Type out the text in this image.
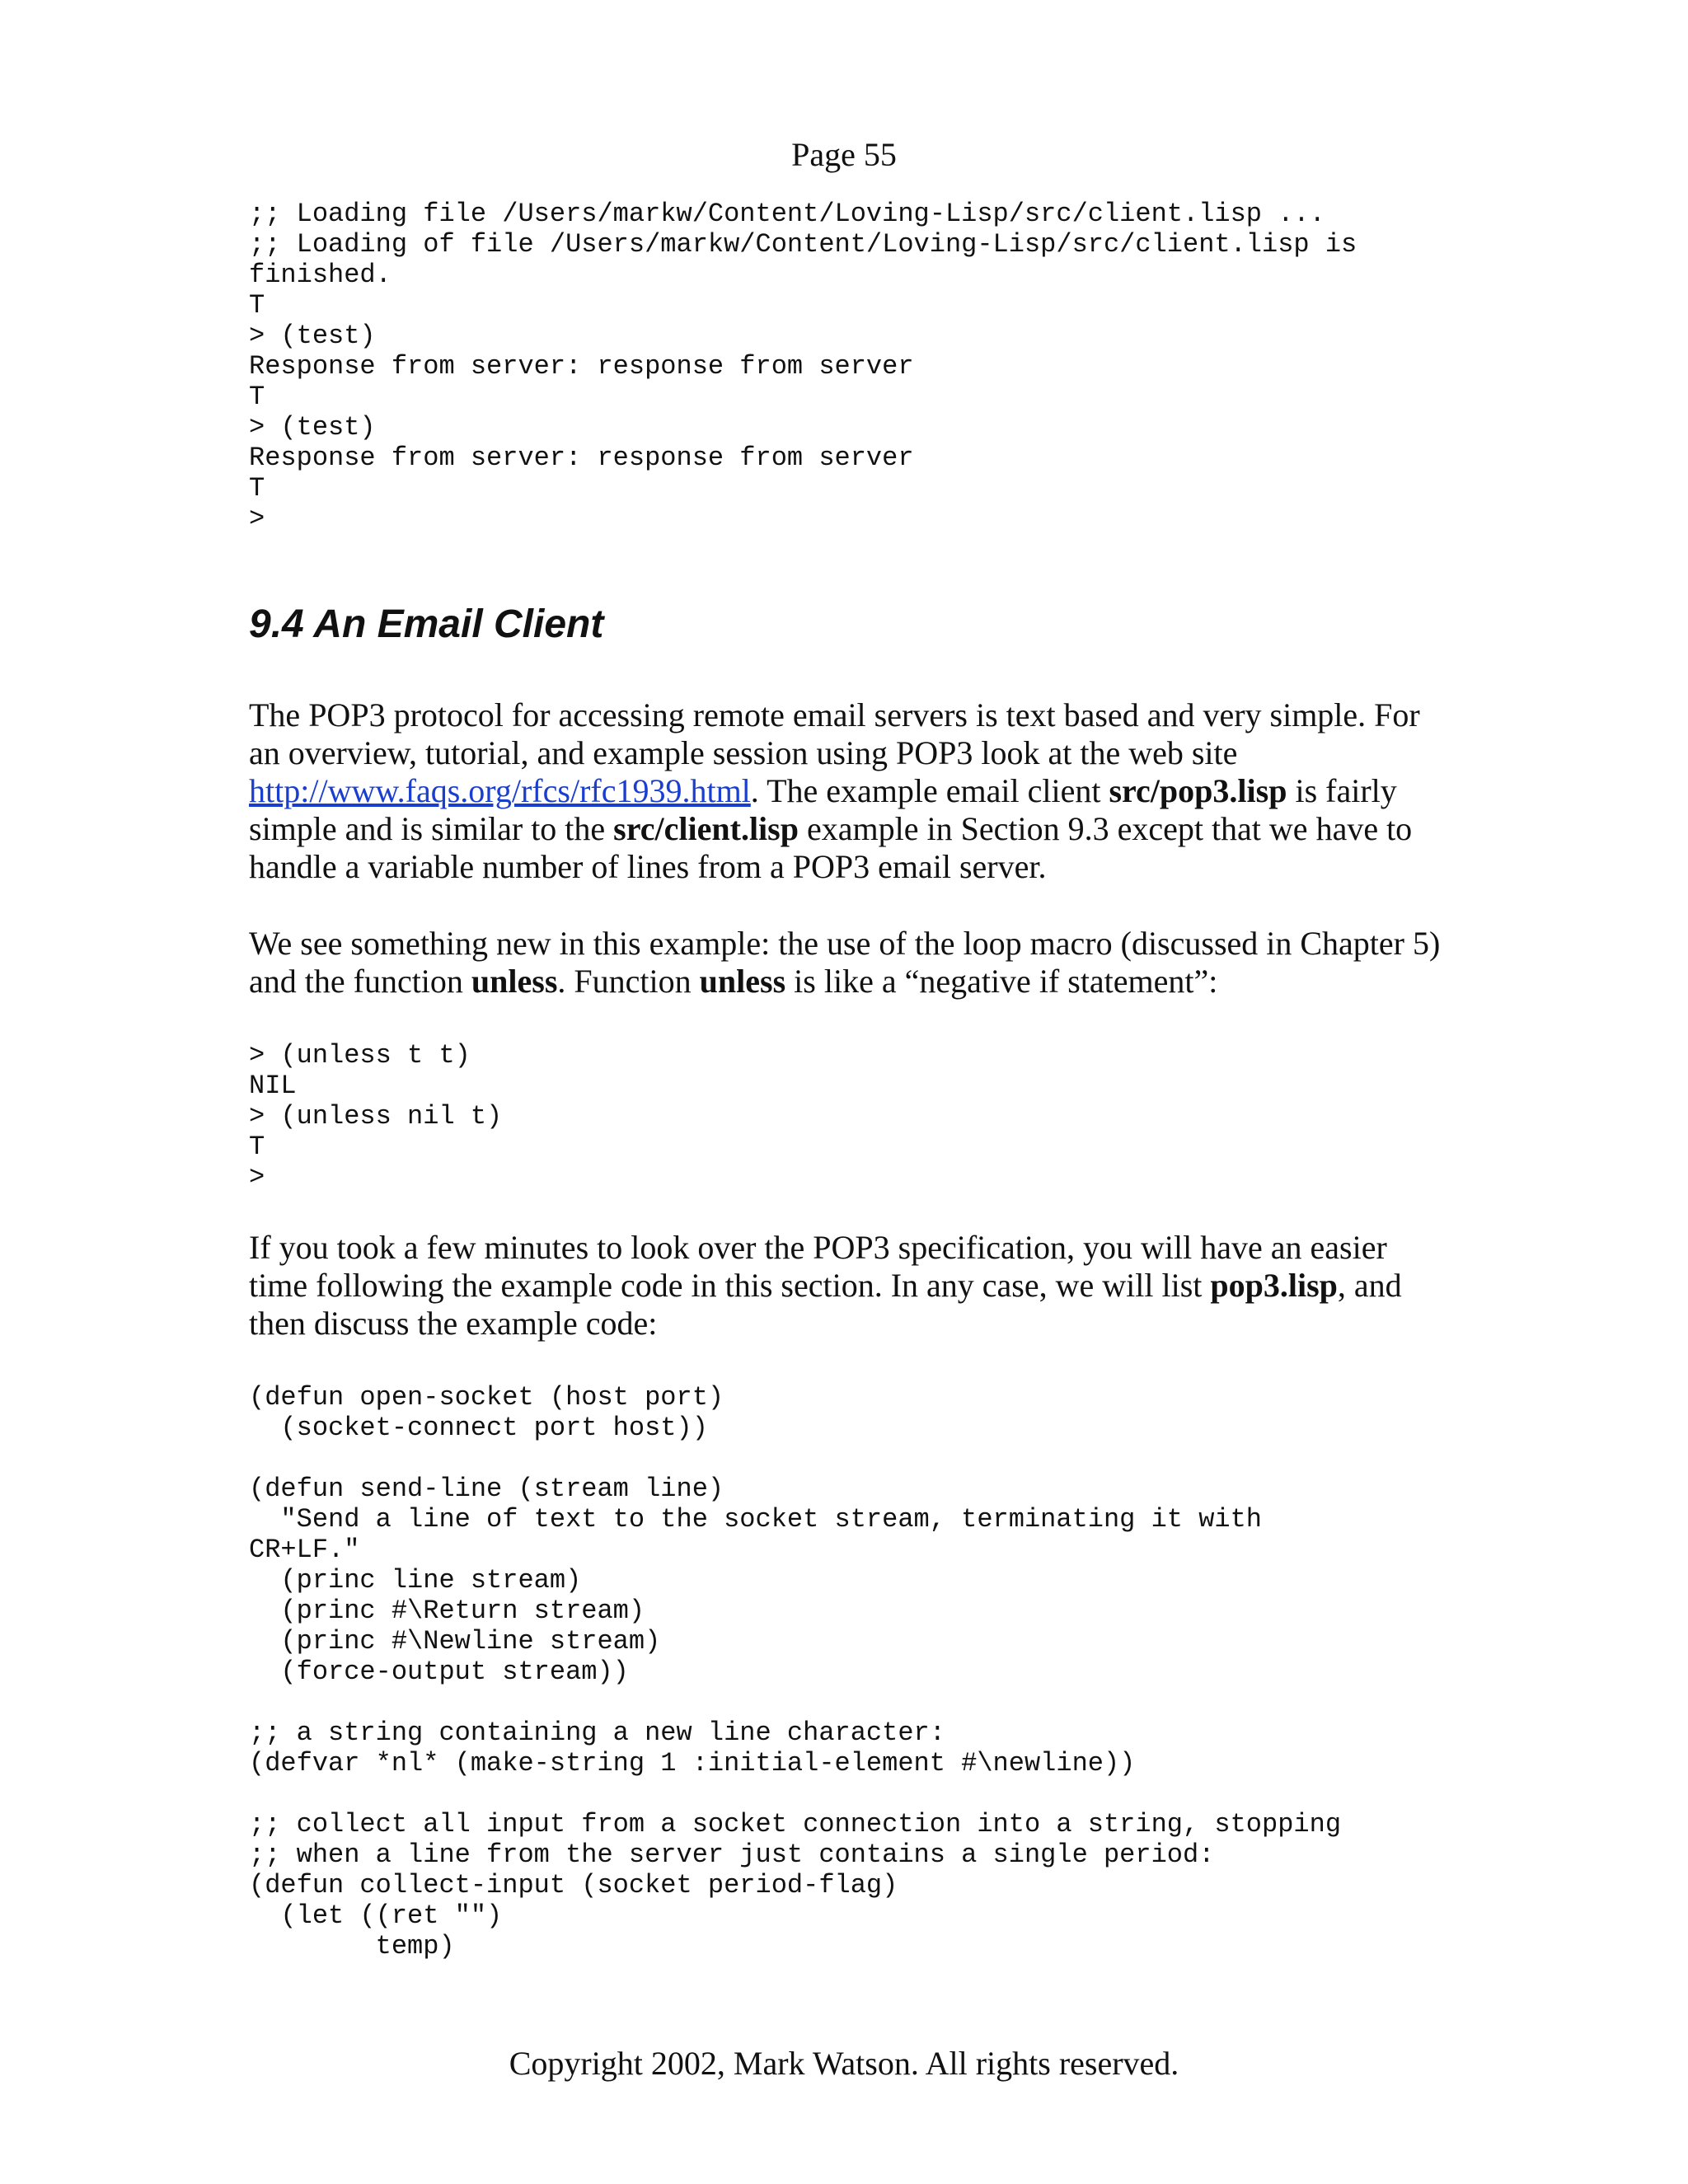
Page 55
;; Loading file /Users/markw/Content/Loving-Lisp/src/client.lisp ...
;; Loading of file /Users/markw/Content/Loving-Lisp/src/client.lisp is
finished.
T
> (test)
Response from server: response from server
T
> (test)
Response from server: response from server
T
>
9.4 An Email Client

The POP3 protocol for accessing remote email servers is text based and very simple. For an overview, tutorial, and example session using POP3 look at the web site http://www.faqs.org/rfcs/rfc1939.html. The example email client src/pop3.lisp is fairly simple and is similar to the src/client.lisp example in Section 9.3 except that we have to handle a variable number of lines from a POP3 email server.

We see something new in this example: the use of the loop macro (discussed in Chapter 5) and the function unless. Function unless is like a “negative if statement”:

> (unless t t)
NIL
> (unless nil t)
T
>

If you took a few minutes to look over the POP3 specification, you will have an easier time following the example code in this section. In any case, we will list pop3.lisp, and then discuss the example code:

(defun open-socket (host port)
(socket-connect port host))
(defun send-line (stream line)
"Send a line of text to the socket stream, terminating it with
CR+LF."
(princ line stream)
(princ #\Return stream)
(princ #\Newline stream)
(force-output stream))
;; a string containing a new line character:
(defvar *nl* (make-string 1 :initial-element #\newline))
;; collect all input from a socket connection into a string, stopping
;; when a line from the server just contains a single period:
(defun collect-input (socket period-flag)
(let ((ret "")
temp)
Copyright 2002, Mark Watson. All rights reserved.
